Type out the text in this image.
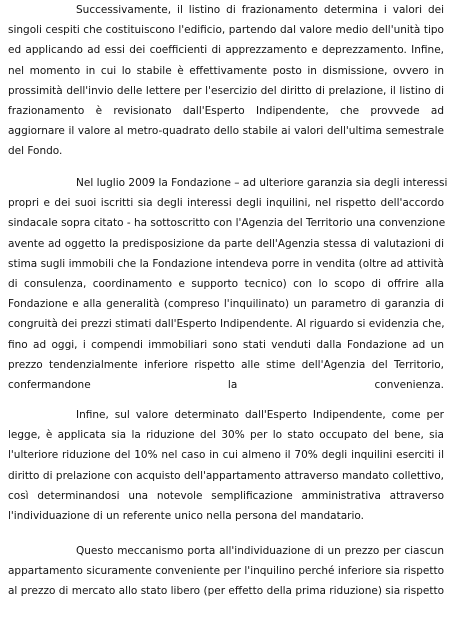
Successivamente, il listino di frazionamento determina i valori dei
singoli cespiti che costituiscono l'edificio, partendo dal valore medio dell'unità tipo
ed applicando ad essi dei coefficienti di apprezzamento e deprezzamento. Infine,
nel momento in cui lo stabile è effettivamente posto in dismissione, ovvero in
prossimità dell'invio delle lettere per l'esercizio del diritto di prelazione, il listino di
frazionamento è revisionato dall'Esperto Indipendente, che provvede ad
aggiornare il valore al metro-quadrato dello stabile ai valori dell'ultima semestrale
del Fondo.
Nel luglio 2009 la Fondazione – ad ulteriore garanzia sia degli interessi
propri e dei suoi iscritti sia degli interessi degli inquilini, nel rispetto dell'accordo
sindacale sopra citato - ha sottoscritto con l'Agenzia del Territorio una convenzione
avente ad oggetto la predisposizione da parte dell'Agenzia stessa di valutazioni di
stima sugli immobili che la Fondazione intendeva porre in vendita (oltre ad attività
di consulenza, coordinamento e supporto tecnico) con lo scopo di offrire alla
Fondazione e alla generalità (compreso l'inquilinato) un parametro di garanzia di
congruità dei prezzi stimati dall'Esperto Indipendente. Al riguardo si evidenzia che,
fino ad oggi, i compendi immobiliari sono stati venduti dalla Fondazione ad un
prezzo tendenzialmente inferiore rispetto alle stime dell'Agenzia del Territorio,
confermandone la convenienza.
Infine, sul valore determinato dall'Esperto Indipendente, come per
legge, è applicata sia la riduzione del 30% per lo stato occupato del bene, sia
l'ulteriore riduzione del 10% nel caso in cui almeno il 70% degli inquilini eserciti il
diritto di prelazione con acquisto dell'appartamento attraverso mandato collettivo,
così determinandosi una notevole semplificazione amministrativa attraverso
l'individuazione di un referente unico nella persona del mandatario.
Questo meccanismo porta all'individuazione di un prezzo per ciascun
appartamento sicuramente conveniente per l'inquilino perché inferiore sia rispetto
al prezzo di mercato allo stato libero (per effetto della prima riduzione) sia rispetto
